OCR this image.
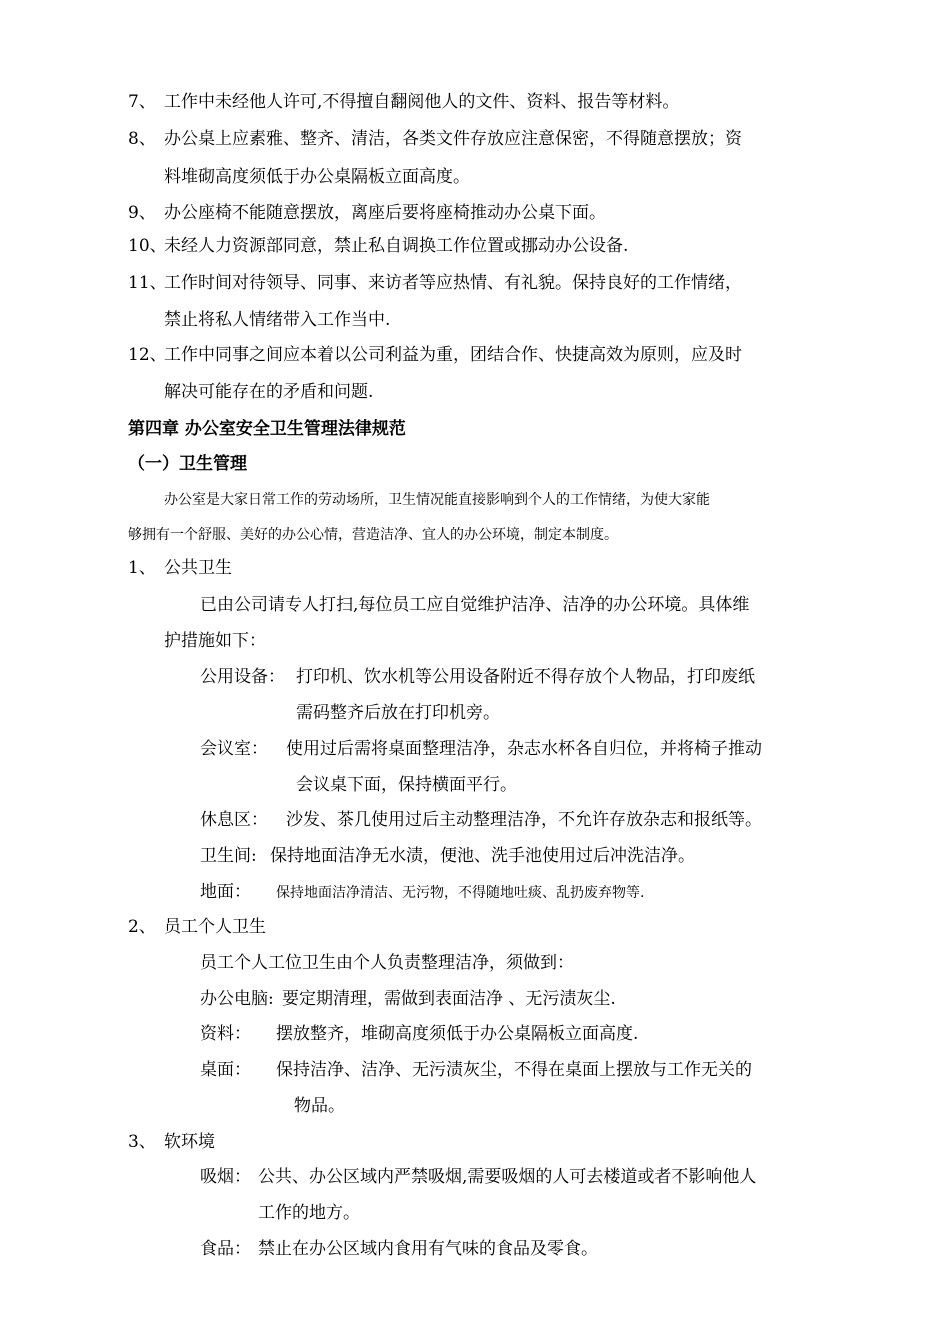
7、 工作中未经他人许可,不得擅自翻阅他人的文件、资料、报告等材料。
8、 办公桌上应素雅、整齐、清洁，各类文件存放应注意保密，不得随意摆放；资
料堆砌高度须低于办公桌隔板立面高度。
9、 办公座椅不能随意摆放，离座后要将座椅推动办公桌下面。
10、未经人力资源部同意，禁止私自调换工作位置或挪动办公设备.
11、工作时间对待领导、同事、来访者等应热情、有礼貌。保持良好的工作情绪，
禁止将私人情绪带入工作当中.
12、工作中同事之间应本着以公司利益为重，团结合作、快捷高效为原则，应及时
解决可能存在的矛盾和问题.
第四章 办公室安全卫生管理法律规范
（一）卫生管理
办公室是大家日常工作的劳动场所，卫生情况能直接影响到个人的工作情绪，为使大家能
够拥有一个舒服、美好的办公心情，营造洁净、宜人的办公环境，制定本制度。
1、 公共卫生
已由公司请专人打扫,每位员工应自觉维护洁净、洁净的办公环境。具体维
护措施如下：
公用设备： 打印机、饮水机等公用设备附近不得存放个人物品，打印废纸
需码整齐后放在打印机旁。
会议室： 使用过后需将桌面整理洁净，杂志水杯各自归位，并将椅子推动
会议桌下面，保持横面平行。
休息区： 沙发、茶几使用过后主动整理洁净，不允许存放杂志和报纸等。
卫生间: 保持地面洁净无水渍，便池、洗手池使用过后冲洗洁净。
地面： 保持地面洁净清洁、无污物，不得随地吐痰、乱扔废弃物等.
2、 员工个人卫生
员工个人工位卫生由个人负责整理洁净，须做到：
办公电脑: 要定期清理，需做到表面洁净 、无污渍灰尘.
资料： 摆放整齐，堆砌高度须低于办公桌隔板立面高度.
桌面： 保持洁净、洁净、无污渍灰尘，不得在桌面上摆放与工作无关的
物品。
3、 软环境
吸烟： 公共、办公区域内严禁吸烟,需要吸烟的人可去楼道或者不影响他人
工作的地方。
食品： 禁止在办公区域内食用有气味的食品及零食。
